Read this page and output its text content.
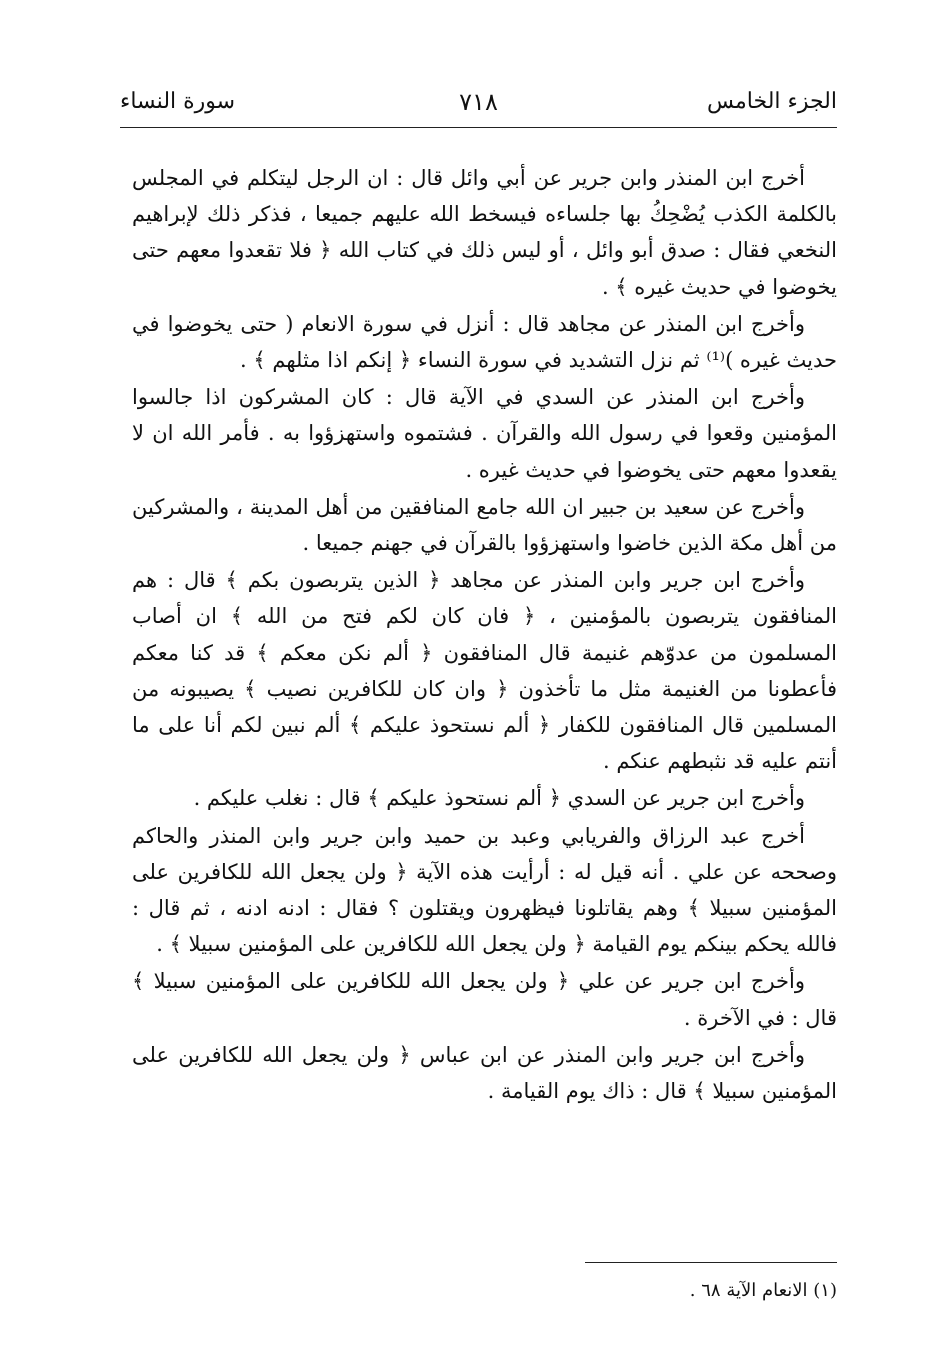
الجزء الخامس
٧١٨
سورة النساء

أخرج ابن المنذر وابن جرير عن أبي وائل قال : ان الرجل ليتكلم في المجلس بالكلمة الكذب يُضْحِكُ بها جلساءه فيسخط الله عليهم جميعا ، فذكر ذلك لإبراهيم النخعي فقال : صدق أبو وائل ، أو ليس ذلك في كتاب الله ﴿ فلا تقعدوا معهم حتى يخوضوا في حديث غيره ﴾ .

وأخرج ابن المنذر عن مجاهد قال : أنزل في سورة الانعام ( حتى يخوضوا في حديث غيره )⁽¹⁾ ثم نزل التشديد في سورة النساء ﴿ إنكم اذا مثلهم ﴾ .

وأخرج ابن المنذر عن السدي في الآية قال : كان المشركون اذا جالسوا المؤمنين وقعوا في رسول الله والقرآن . فشتموه واستهزؤوا به . فأمر الله ان لا يقعدوا معهم حتى يخوضوا في حديث غيره .

وأخرج عن سعيد بن جبير ان الله جامع المنافقين من أهل المدينة ، والمشركين من أهل مكة الذين خاضوا واستهزؤوا بالقرآن في جهنم جميعا .

وأخرج ابن جرير وابن المنذر عن مجاهد ﴿ الذين يتربصون بكم ﴾ قال : هم المنافقون يتربصون بالمؤمنين ، ﴿ فان كان لكم فتح من الله ﴾ ان أصاب المسلمون من عدوّهم غنيمة قال المنافقون ﴿ ألم نكن معكم ﴾ قد كنا معكم فأعطونا من الغنيمة مثل ما تأخذون ﴿ وان كان للكافرين نصيب ﴾ يصيبونه من المسلمين قال المنافقون للكفار ﴿ ألم نستحوذ عليكم ﴾ ألم نبين لكم أنا على ما أنتم عليه قد نثبطهم عنكم .

وأخرج ابن جرير عن السدي ﴿ ألم نستحوذ عليكم ﴾ قال : نغلب عليكم .

أخرج عبد الرزاق والفريابي وعبد بن حميد وابن جرير وابن المنذر والحاكم وصححه عن علي . أنه قيل له : أرأيت هذه الآية ﴿ ولن يجعل الله للكافرين على المؤمنين سبيلا ﴾ وهم يقاتلونا فيظهرون ويقتلون ؟ فقال : ادنه ادنه ، ثم قال : فالله يحكم بينكم يوم القيامة ﴿ ولن يجعل الله للكافرين على المؤمنين سبيلا ﴾ .

وأخرج ابن جرير عن علي ﴿ ولن يجعل الله للكافرين على المؤمنين سبيلا ﴾ قال : في الآخرة .

وأخرج ابن جرير وابن المنذر عن ابن عباس ﴿ ولن يجعل الله للكافرين على المؤمنين سبيلا ﴾ قال : ذاك يوم القيامة .

(١) الانعام الآية ٦٨ .
